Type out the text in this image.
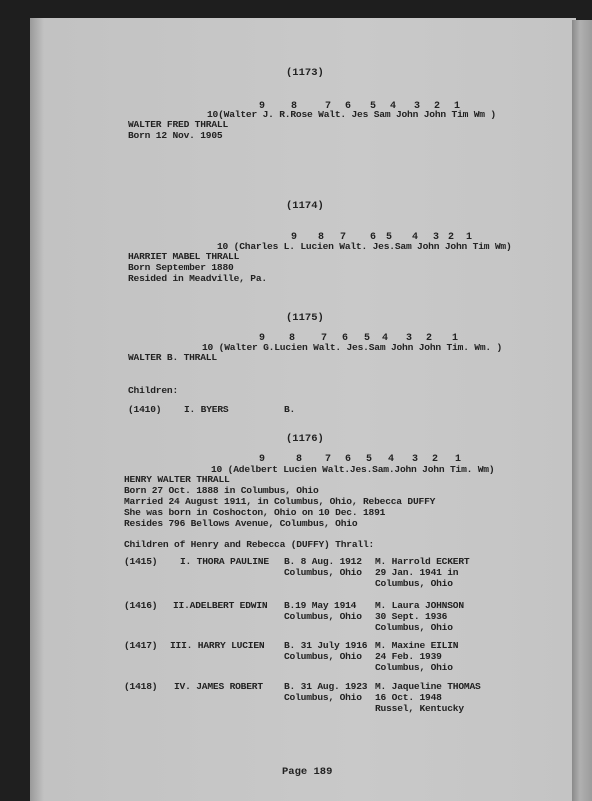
(1173)
9	8	7 6 5 4 3 2 1
10(Walter J. R.Rose Walt. Jes Sam John John Tim Wm )
WALTER FRED THRALL
Born 12 Nov. 1905
(1174)
9 8 7 6 5 4 3 2 1
10 (Charles L. Lucien Walt. Jes.Sam John John Tim Wm)
HARRIET MABEL THRALL
Born September 1880
Resided in Meadville, Pa.
(1175)
9 8	7 6 5 4 3 2 1
10 (Walter G.Lucien Walt. Jes.Sam John John Tim. Wm. )
WALTER B. THRALL
Children:
(1410) I. BYERS	B.
(1176)
9	8 7 6 5 4 3 2 1
10 (Adelbert Lucien Walt.Jes.Sam.John John Tim. Wm)
HENRY WALTER THRALL
Born 27 Oct. 1888 in Columbus, Ohio
Married 24 August 1911, in Columbus, Ohio, Rebecca DUFFY
She was born in Coshocton, Ohio on 10 Dec. 1891
Resides 796 Bellows Avenue, Columbus, Ohio
Children of Henry and Rebecca (DUFFY) Thrall:
(1415) I. THORA PAULINE B. 8 Aug. 1912
Columbus, Ohio
M. Harrold ECKERT
29 Jan. 1941 in
Columbus, Ohio
(1416) II.ADELBERT EDWIN B.19 May 1914
Columbus, Ohio
M. Laura JOHNSON
30 Sept. 1936
Columbus, Ohio
(1417) III. HARRY LUCIEN B. 31 July 1916
Columbus, Ohio
M. Maxine EILIN
24 Feb. 1939
Columbus, Ohio
(1418) IV. JAMES ROBERT B. 31 Aug. 1923
Columbus, Ohio
M. Jaqueline THOMAS
16 Oct. 1948
Russel, Kentucky
Page 189
